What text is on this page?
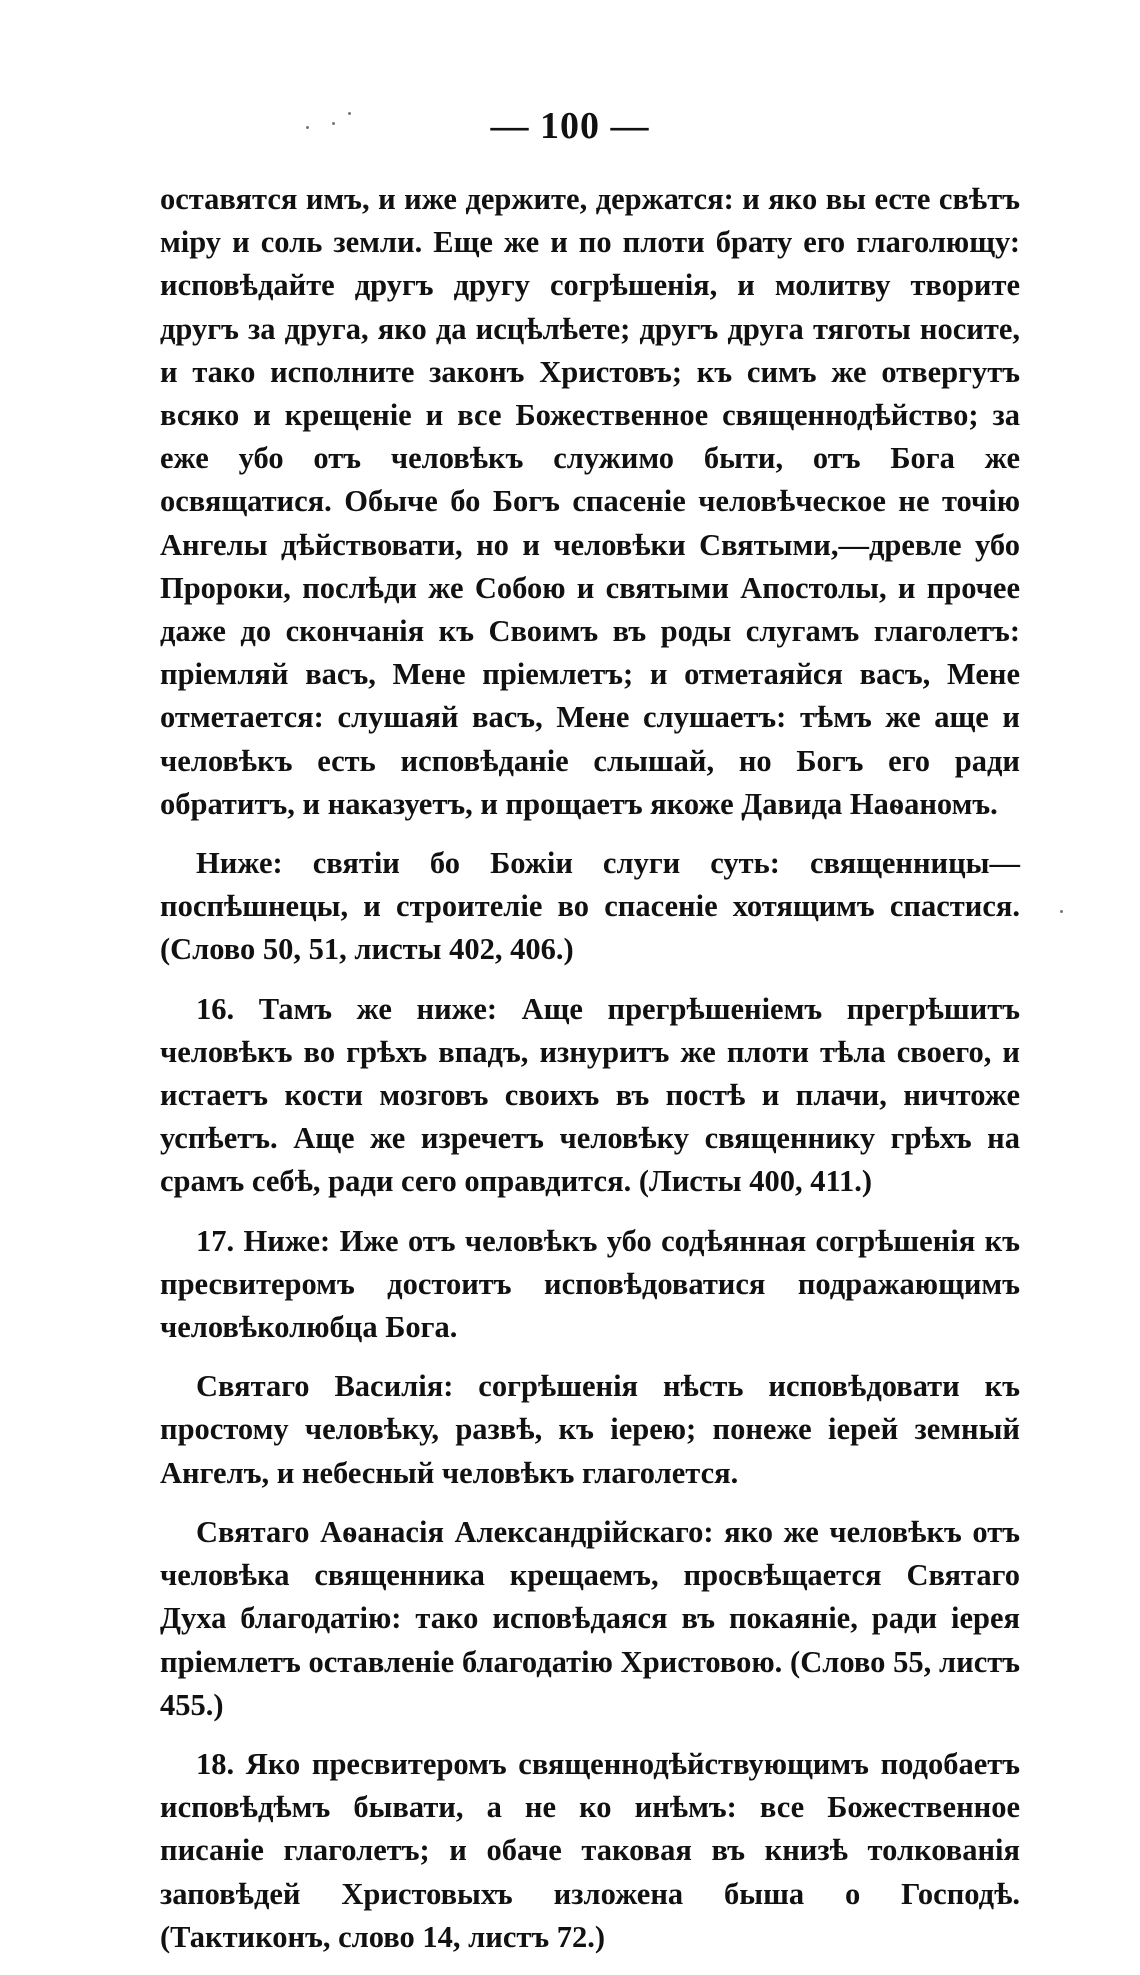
— 100 —

оставятся имъ, и иже держите, держатся: и яко вы есте свѣтъ міру и соль земли. Еще же и по плоти брату его глаголющу: исповѣдайте другъ другу согрѣшенія, и молитву творите другъ за друга, яко да исцѣлѣете; другъ друга тяготы носите, и тако исполните законъ Христовъ; къ симъ же отвергутъ всяко и крещеніе и все Божественное священнодѣйство; за еже убо отъ человѣкъ служимо быти, отъ Бога же освящатися. Обыче бо Богъ спасеніе человѣческое не точію Ангелы дѣйствовати, но и человѣки Святыми,—древле убо Пророки, послѣди же Собою и святыми Апостолы, и прочее даже до скончанія къ Своимъ въ роды слугамъ глаголетъ: пріемляй васъ, Мене пріемлетъ; и отметаяйся васъ, Мене отметается: слушаяй васъ, Мене слушаетъ: тѣмъ же аще и человѣкъ есть исповѣданіе слышай, но Богъ его ради обратитъ, и наказуетъ, и прощаетъ якоже Давида Наѳаномъ.

Ниже: святіи бо Божіи слуги суть: священницы—поспѣшнецы, и строителіе во спасеніе хотящимъ спастися. (Слово 50, 51, листы 402, 406.)

16. Тамъ же ниже: Аще прегрѣшеніемъ прегрѣшитъ человѣкъ во грѣхъ впадъ, изнуритъ же плоти тѣла своего, и истаетъ кости мозговъ своихъ въ постѣ и плачи, ничтоже успѣетъ. Аще же изречетъ человѣку священнику грѣхъ на срамъ себѣ, ради сего оправдится. (Листы 400, 411.)

17. Ниже: Иже отъ человѣкъ убо содѣянная согрѣшенія къ пресвитеромъ достоитъ исповѣдоватися подражающимъ человѣколюбца Бога.

Святаго Василія: согрѣшенія нѣсть исповѣдовати къ простому человѣку, развѣ, къ іерею; понеже іерей земный Ангелъ, и небесный человѣкъ глаголется.

Святаго Аѳанасія Александрійскаго: яко же человѣкъ отъ человѣка священника крещаемъ, просвѣщается Святаго Духа благодатію: тако исповѣдаяся въ покаяніе, ради іерея пріемлетъ оставленіе благодатію Христовою. (Слово 55, листъ 455.)

18. Яко пресвитеромъ священнодѣйствующимъ подобаетъ исповѣдѣмъ бывати, а не ко инѣмъ: все Божественное писаніе глаголетъ; и обаче таковая въ книзѣ толкованія заповѣдей Христовыхъ изложена быша о Господѣ. (Тактиконъ, слово 14, листъ 72.)
